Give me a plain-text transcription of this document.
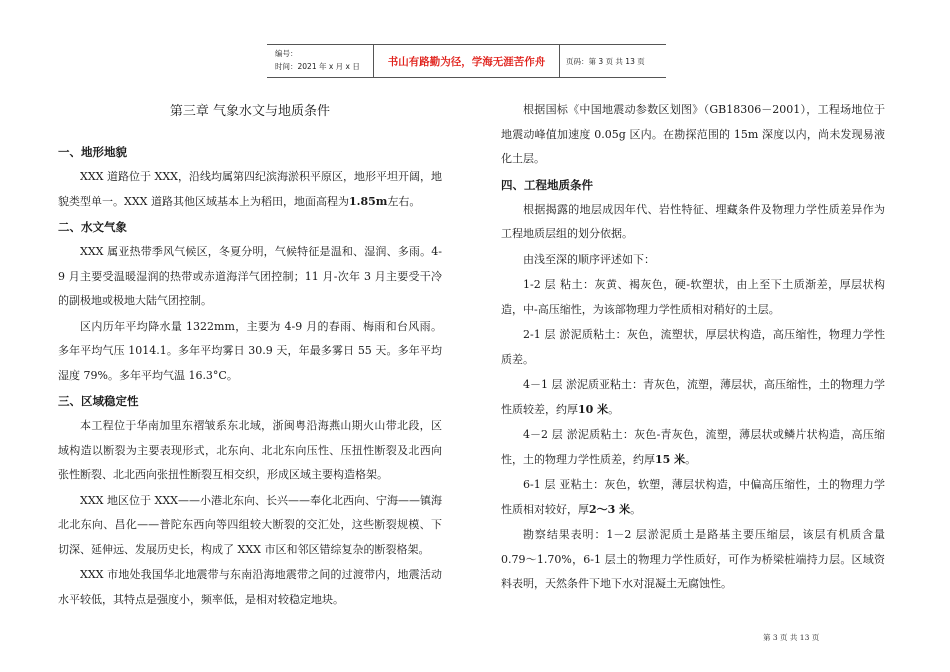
编号：
时间：2021 年 x 月 x 日	书山有路勤为径，学海无涯苦作舟	页码：第 3 页 共 13 页
第三章 气象水文与地质条件
一、地形地貌

XXX 道路位于 XXX，沿线均属第四纪滨海淤积平原区，地形平坦开阔，地貌类型单一。XXX 道路其他区域基本上为稻田，地面高程为1.85m左右。

二、水文气象

XXX 属亚热带季风气候区，冬夏分明，气候特征是温和、湿润、多雨。4-9 月主要受温暖湿润的热带或赤道海洋气团控制；11 月-次年 3 月主要受干冷的副极地或极地大陆气团控制。

区内历年平均降水量 1322mm，主要为 4-9 月的春雨、梅雨和台风雨。多年平均气压 1014.1。多年平均雾日 30.9 天，年最多雾日 55 天。多年平均湿度 79%。多年平均气温 16.3°C。

三、区域稳定性

本工程位于华南加里东褶皱系东北域，浙闽粤沿海燕山期火山带北段，区域构造以断裂为主要表现形式，北东向、北北东向压性、压扭性断裂及北西向张性断裂、北北西向张扭性断裂互相交织，形成区域主要构造格架。

XXX 地区位于 XXX——小港北东向、长兴——奉化北西向、宁海——镇海北北东向、昌化——普陀东西向等四组较大断裂的交汇处，这些断裂规模、下切深、延伸远、发展历史长，构成了 XXX 市区和邻区错综复杂的断裂格架。

XXX 市地处我国华北地震带与东南沿海地震带之间的过渡带内，地震活动水平较低，其特点是强度小，频率低，是相对较稳定地块。

根据国标《中国地震动参数区划图》（GB18306－2001），工程场地位于地震动峰值加速度 0.05g 区内。在勘探范围的 15m 深度以内，尚未发现易液化土层。

四、工程地质条件

根据揭露的地层成因年代、岩性特征、埋藏条件及物理力学性质差异作为工程地质层组的划分依据。

由浅至深的顺序评述如下：

1-2 层 粘土：灰黄、褐灰色，硬-软塑状，由上至下土质渐差，厚层状构造，中-高压缩性，为该部物理力学性质相对稍好的土层。

2-1 层 淤泥质粘土：灰色，流塑状，厚层状构造，高压缩性，物理力学性质差。

4－1 层 淤泥质亚粘土：青灰色，流塑，薄层状，高压缩性，土的物理力学性质较差，约厚10 米。

4－2 层 淤泥质粘土：灰色-青灰色，流塑，薄层状或鳞片状构造，高压缩性，土的物理力学性质差，约厚15 米。

6-1 层 亚粘土：灰色，软塑，薄层状构造，中偏高压缩性，土的物理力学性质相对较好，厚2～3 米。

勘察结果表明：1－2 层淤泥质土是路基主要压缩层，该层有机质含量 0.79～1.70%，6-1 层土的物理力学性质好，可作为桥梁桩端持力层。区域资料表明，天然条件下地下水对混凝土无腐蚀性。

第 3 页 共 13 页
